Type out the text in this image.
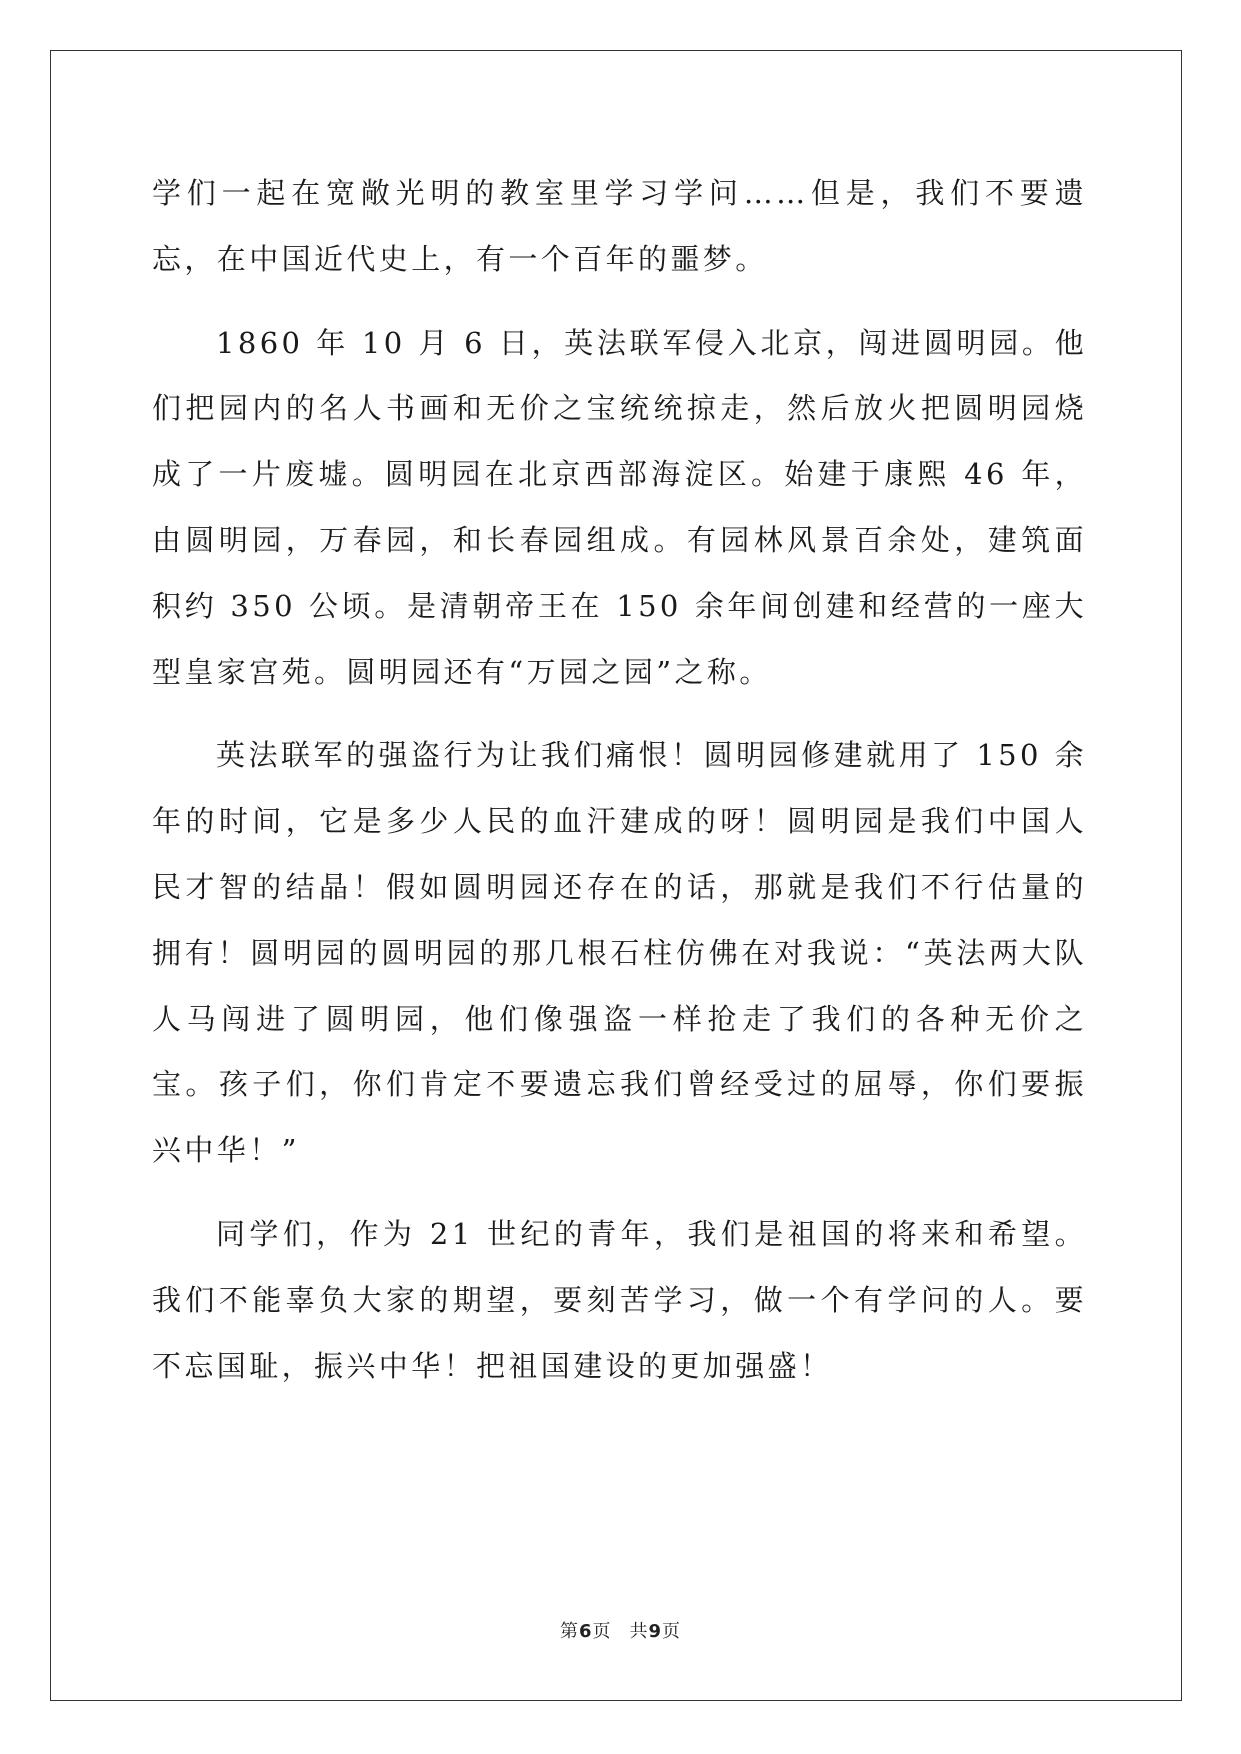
学们一起在宽敞光明的教室里学习学问……但是，我们不要遗忘，在中国近代史上，有一个百年的噩梦。

1860 年 10 月 6 日，英法联军侵入北京，闯进圆明园。他们把园内的名人书画和无价之宝统统掠走，然后放火把圆明园烧成了一片废墟。圆明园在北京西部海淀区。始建于康熙 46 年，由圆明园，万春园，和长春园组成。有园林风景百余处，建筑面积约 350 公顷。是清朝帝王在 150 余年间创建和经营的一座大型皇家宫苑。圆明园还有“万园之园”之称。

英法联军的强盗行为让我们痛恨！圆明园修建就用了 150 余年的时间，它是多少人民的血汗建成的呀！圆明园是我们中国人民才智的结晶！假如圆明园还存在的话，那就是我们不行估量的拥有！圆明园的圆明园的那几根石柱仿佛在对我说：“英法两大队人马闯进了圆明园，他们像强盗一样抢走了我们的各种无价之宝。孩子们，你们肯定不要遗忘我们曾经受过的屈辱，你们要振兴中华！”

同学们，作为 21 世纪的青年，我们是祖国的将来和希望。我们不能辜负大家的期望，要刻苦学习，做一个有学问的人。要不忘国耻，振兴中华！把祖国建设的更加强盛！

第6页 共9页
